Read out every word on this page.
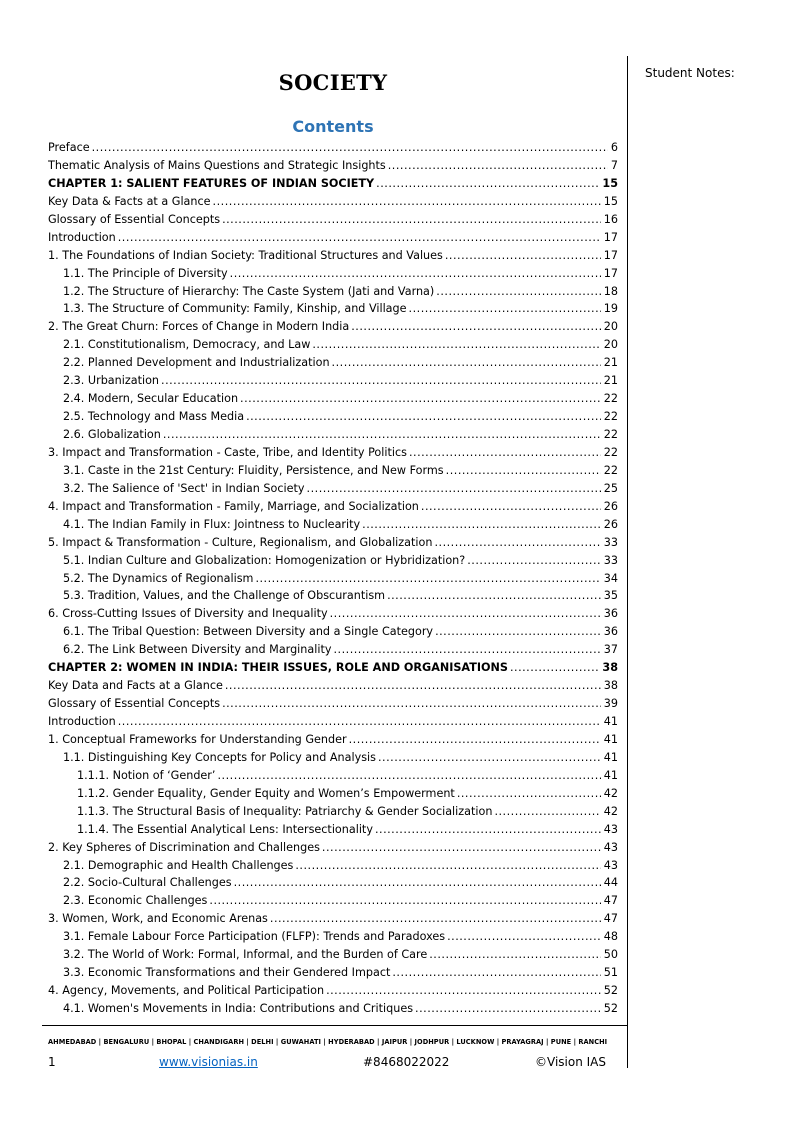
SOCIETY
Contents
Preface .....	6
Thematic Analysis of Mains Questions and Strategic Insights .....	7
CHAPTER 1: SALIENT FEATURES OF INDIAN SOCIETY .....	15
Key Data & Facts at a Glance .....	15
Glossary of Essential Concepts .....	16
Introduction .....	17
1. The Foundations of Indian Society: Traditional Structures and Values .....	17
1.1. The Principle of Diversity .....	17
1.2. The Structure of Hierarchy: The Caste System (Jati and Varna) .....	18
1.3. The Structure of Community: Family, Kinship, and Village .....	19
2. The Great Churn: Forces of Change in Modern India .....	20
2.1. Constitutionalism, Democracy, and Law .....	20
2.2. Planned Development and Industrialization .....	21
2.3. Urbanization .....	21
2.4. Modern, Secular Education .....	22
2.5. Technology and Mass Media .....	22
2.6. Globalization .....	22
3. Impact and Transformation - Caste, Tribe, and Identity Politics .....	22
3.1. Caste in the 21st Century: Fluidity, Persistence, and New Forms .....	22
3.2. The Salience of 'Sect' in Indian Society .....	25
4. Impact and Transformation - Family, Marriage, and Socialization .....	26
4.1. The Indian Family in Flux: Jointness to Nuclearity .....	26
5. Impact & Transformation - Culture, Regionalism, and Globalization .....	33
5.1. Indian Culture and Globalization: Homogenization or Hybridization? .....	33
5.2. The Dynamics of Regionalism .....	34
5.3. Tradition, Values, and the Challenge of Obscurantism .....	35
6. Cross-Cutting Issues of Diversity and Inequality .....	36
6.1. The Tribal Question: Between Diversity and a Single Category .....	36
6.2. The Link Between Diversity and Marginality .....	37
CHAPTER 2: WOMEN IN INDIA: THEIR ISSUES, ROLE AND ORGANISATIONS .....	38
Key Data and Facts at a Glance .....	38
Glossary of Essential Concepts .....	39
Introduction .....	41
1. Conceptual Frameworks for Understanding Gender .....	41
1.1. Distinguishing Key Concepts for Policy and Analysis .....	41
1.1.1. Notion of ‘Gender’ .....	41
1.1.2. Gender Equality, Gender Equity and Women’s Empowerment .....	42
1.1.3. The Structural Basis of Inequality: Patriarchy & Gender Socialization .....	42
1.1.4. The Essential Analytical Lens: Intersectionality .....	43
2. Key Spheres of Discrimination and Challenges .....	43
2.1. Demographic and Health Challenges .....	43
2.2. Socio-Cultural Challenges .....	44
2.3. Economic Challenges .....	47
3. Women, Work, and Economic Arenas .....	47
3.1. Female Labour Force Participation (FLFP): Trends and Paradoxes .....	48
3.2. The World of Work: Formal, Informal, and the Burden of Care .....	50
3.3. Economic Transformations and their Gendered Impact .....	51
4. Agency, Movements, and Political Participation .....	52
4.1. Women's Movements in India: Contributions and Critiques .....	52
Student Notes:
AHMEDABAD | BENGALURU | BHOPAL | CHANDIGARH | DELHI | GUWAHATI | HYDERABAD | JAIPUR | JODHPUR | LUCKNOW | PRAYAGRAJ | PUNE | RANCHI
1	www.visionias.in	#8468022022	©Vision IAS
